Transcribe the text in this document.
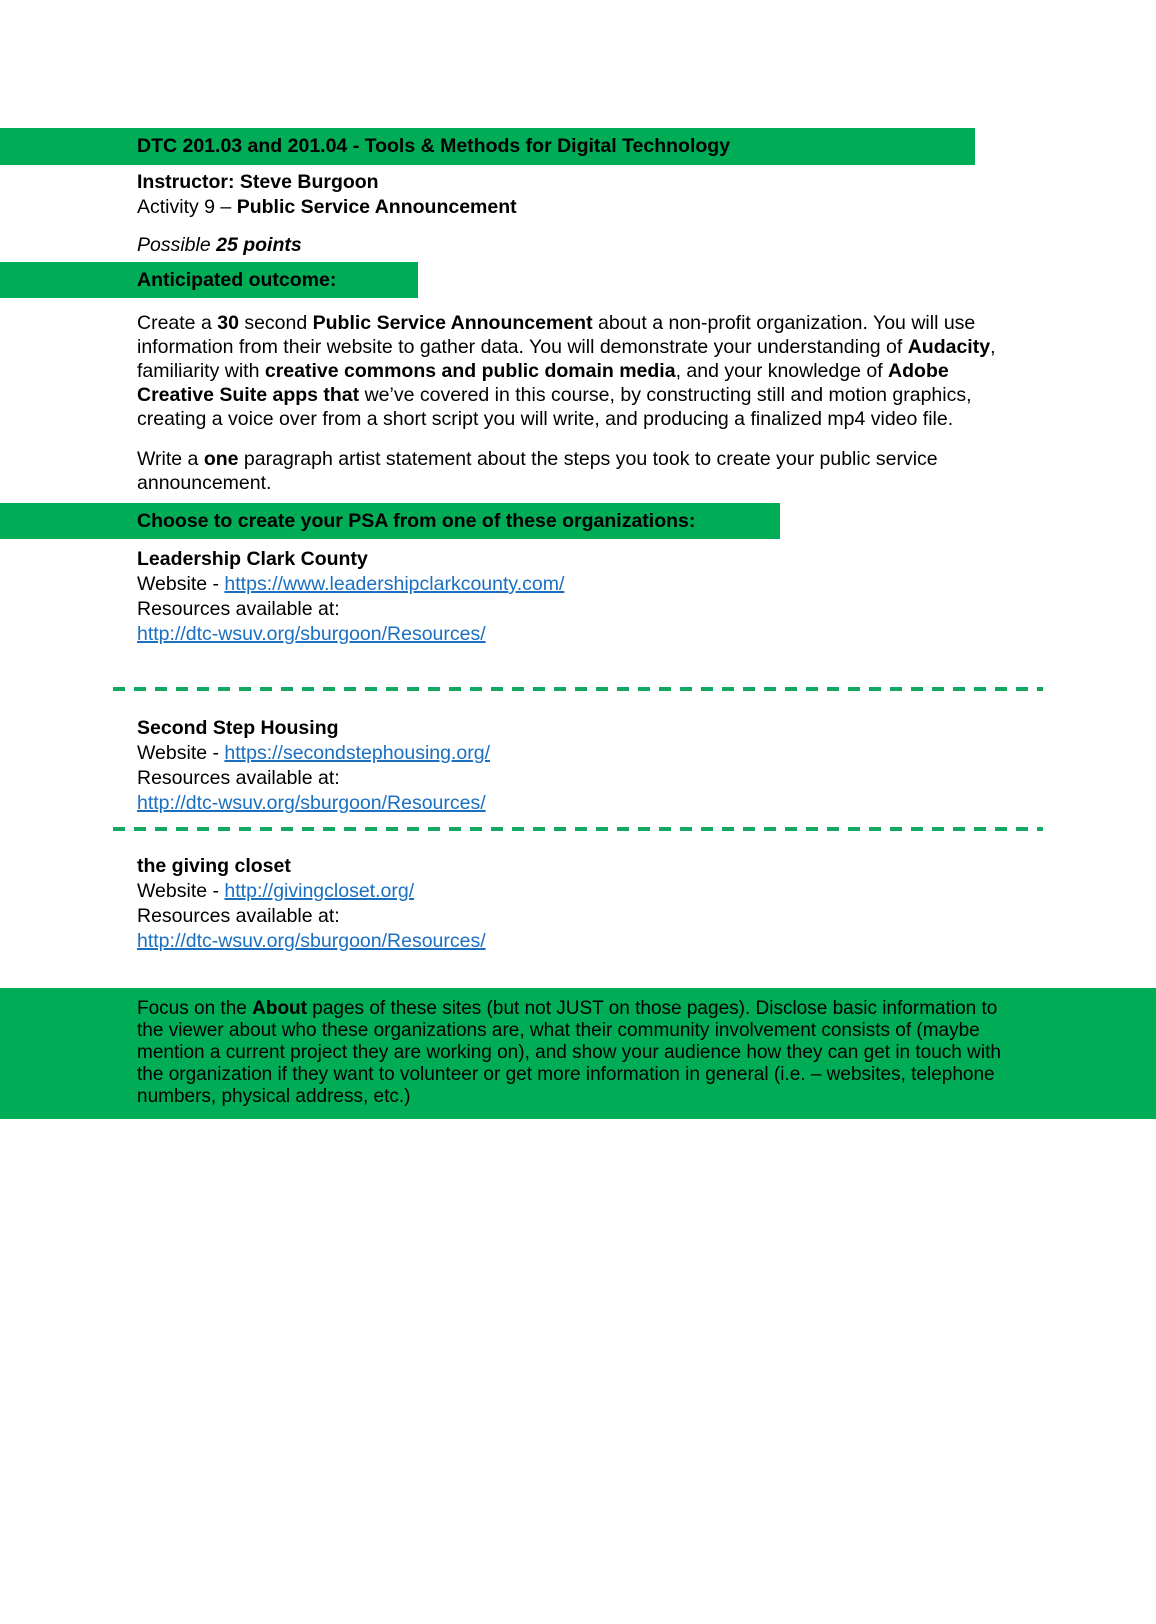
DTC 201.03 and 201.04 - Tools & Methods for Digital Technology

Instructor: Steve Burgoon

Activity 9 – Public Service Announcement

Possible 25 points

Anticipated outcome:

Create a 30 second Public Service Announcement about a non-profit organization. You will use information from their website to gather data. You will demonstrate your understanding of Audacity, familiarity with creative commons and public domain media, and your knowledge of Adobe Creative Suite apps that we’ve covered in this course, by constructing still and motion graphics, creating a voice over from a short script you will write, and producing a finalized mp4 video file.

Write a one paragraph artist statement about the steps you took to create your public service announcement.

Choose to create your PSA from one of these organizations:
Leadership Clark County
Website - https://www.leadershipclarkcounty.com/
Resources available at:
http://dtc-wsuv.org/sburgoon/Resources/
Second Step Housing
Website - https://secondstephousing.org/
Resources available at:
http://dtc-wsuv.org/sburgoon/Resources/
the giving closet
Website - http://givingcloset.org/
Resources available at:
http://dtc-wsuv.org/sburgoon/Resources/
Focus on the About pages of these sites (but not JUST on those pages). Disclose basic information to the viewer about who these organizations are, what their community involvement consists of (maybe mention a current project they are working on), and show your audience how they can get in touch with the organization if they want to volunteer or get more information in general (i.e. – websites, telephone numbers, physical address, etc.)
